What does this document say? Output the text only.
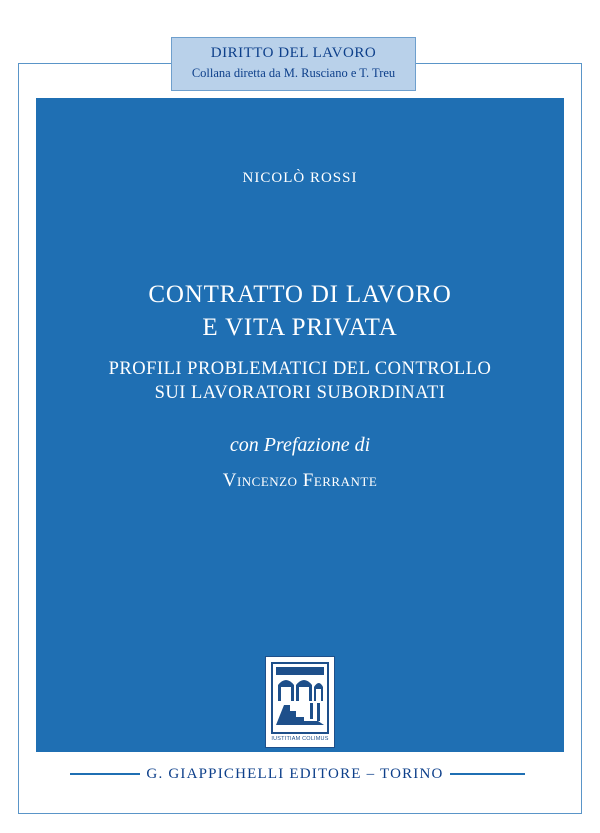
DIRITTO DEL LAVORO
Collana diretta da M. Rusciano e T. Treu
NICOLÒ ROSSI
CONTRATTO DI LAVORO
E VITA PRIVATA
PROFILI PROBLEMATICI DEL CONTROLLO
SUI LAVORATORI SUBORDINATI
con Prefazione di
Vincenzo Ferrante
IUSTITIAM COLIMUS
G. GIAPPICHELLI EDITORE – TORINO
